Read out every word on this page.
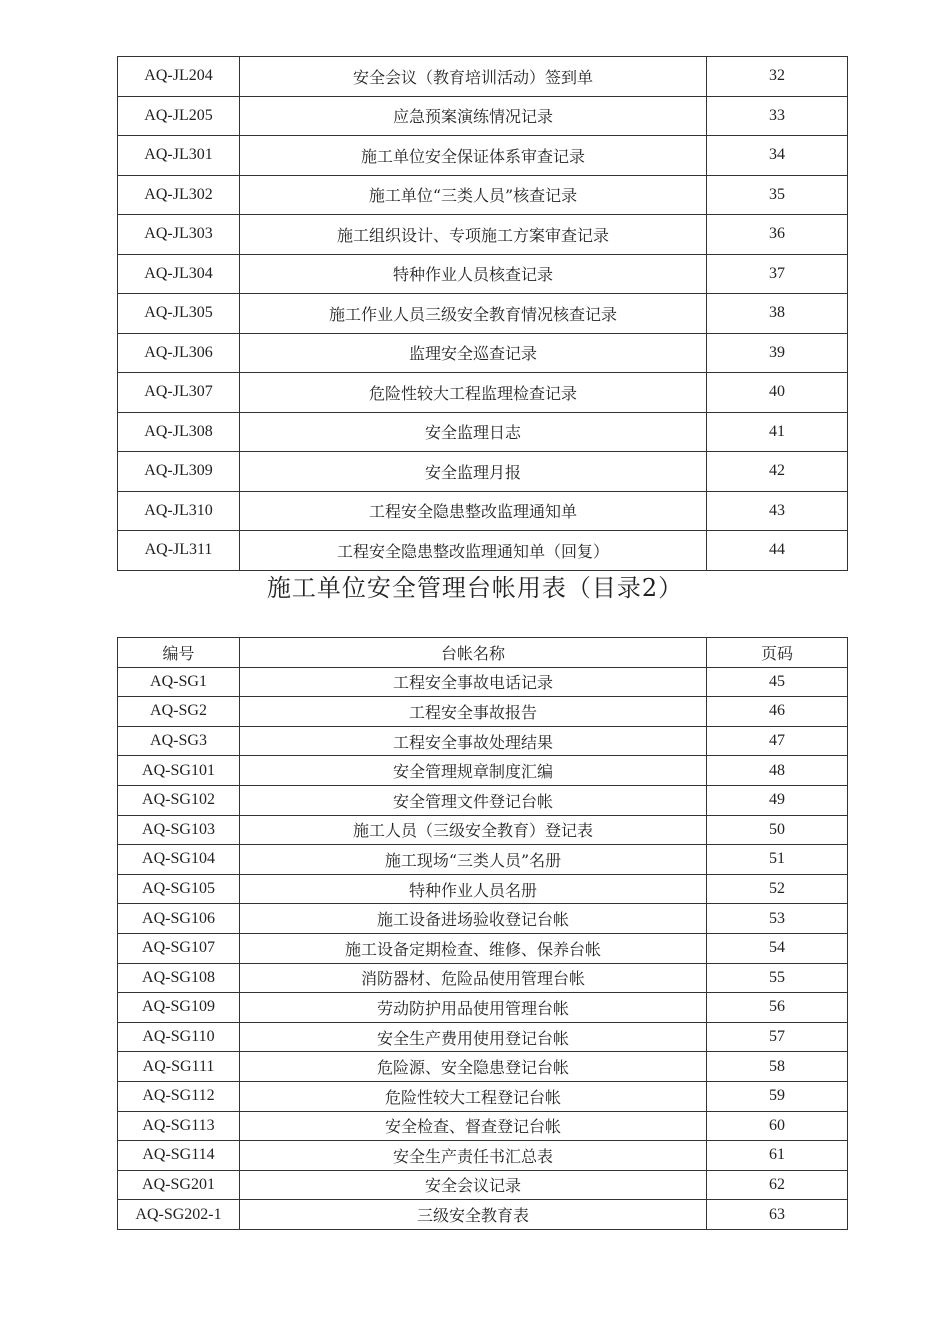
AQ-JL204	安全会议（教育培训活动）签到单	32
AQ-JL205	应急预案演练情况记录	33
AQ-JL301	施工单位安全保证体系审查记录	34
AQ-JL302	施工单位“三类人员”核查记录	35
AQ-JL303	施工组织设计、专项施工方案审查记录	36
AQ-JL304	特种作业人员核查记录	37
AQ-JL305	施工作业人员三级安全教育情况核查记录	38
AQ-JL306	监理安全巡查记录	39
AQ-JL307	危险性较大工程监理检查记录	40
AQ-JL308	安全监理日志	41
AQ-JL309	安全监理月报	42
AQ-JL310	工程安全隐患整改监理通知单	43
AQ-JL311	工程安全隐患整改监理通知单（回复）	44
施工单位安全管理台帐用表（目录2）
编号	台帐名称	页码
AQ-SG1	工程安全事故电话记录	45
AQ-SG2	工程安全事故报告	46
AQ-SG3	工程安全事故处理结果	47
AQ-SG101	安全管理规章制度汇编	48
AQ-SG102	安全管理文件登记台帐	49
AQ-SG103	施工人员（三级安全教育）登记表	50
AQ-SG104	施工现场“三类人员”名册	51
AQ-SG105	特种作业人员名册	52
AQ-SG106	施工设备进场验收登记台帐	53
AQ-SG107	施工设备定期检查、维修、保养台帐	54
AQ-SG108	消防器材、危险品使用管理台帐	55
AQ-SG109	劳动防护用品使用管理台帐	56
AQ-SG110	安全生产费用使用登记台帐	57
AQ-SG111	危险源、安全隐患登记台帐	58
AQ-SG112	危险性较大工程登记台帐	59
AQ-SG113	安全检查、督查登记台帐	60
AQ-SG114	安全生产责任书汇总表	61
AQ-SG201	安全会议记录	62
AQ-SG202-1	三级安全教育表	63
